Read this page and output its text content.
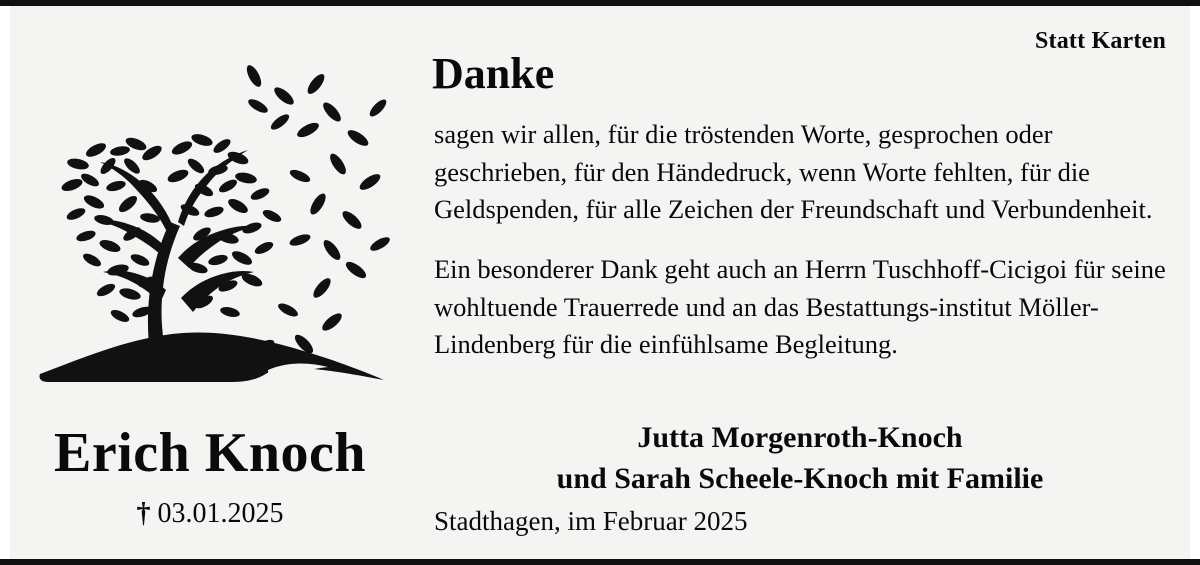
Statt Karten
Erich Knoch
† 03.01.2025
Danke

sagen wir allen, für die tröstenden Worte, gesprochen oder geschrieben, für den Händedruck, wenn Worte fehlten, für die Geldspenden, für alle Zeichen der Freundschaft und Verbundenheit.

Ein besonderer Dank geht auch an Herrn Tuschhoff-Cicigoi für seine wohltuende Trauerrede und an das Bestattungs-institut Möller-Lindenberg für die einfühlsame Begleitung.

Jutta Morgenroth-Knoch
und Sarah Scheele-Knoch mit Familie
Stadthagen, im Februar 2025
